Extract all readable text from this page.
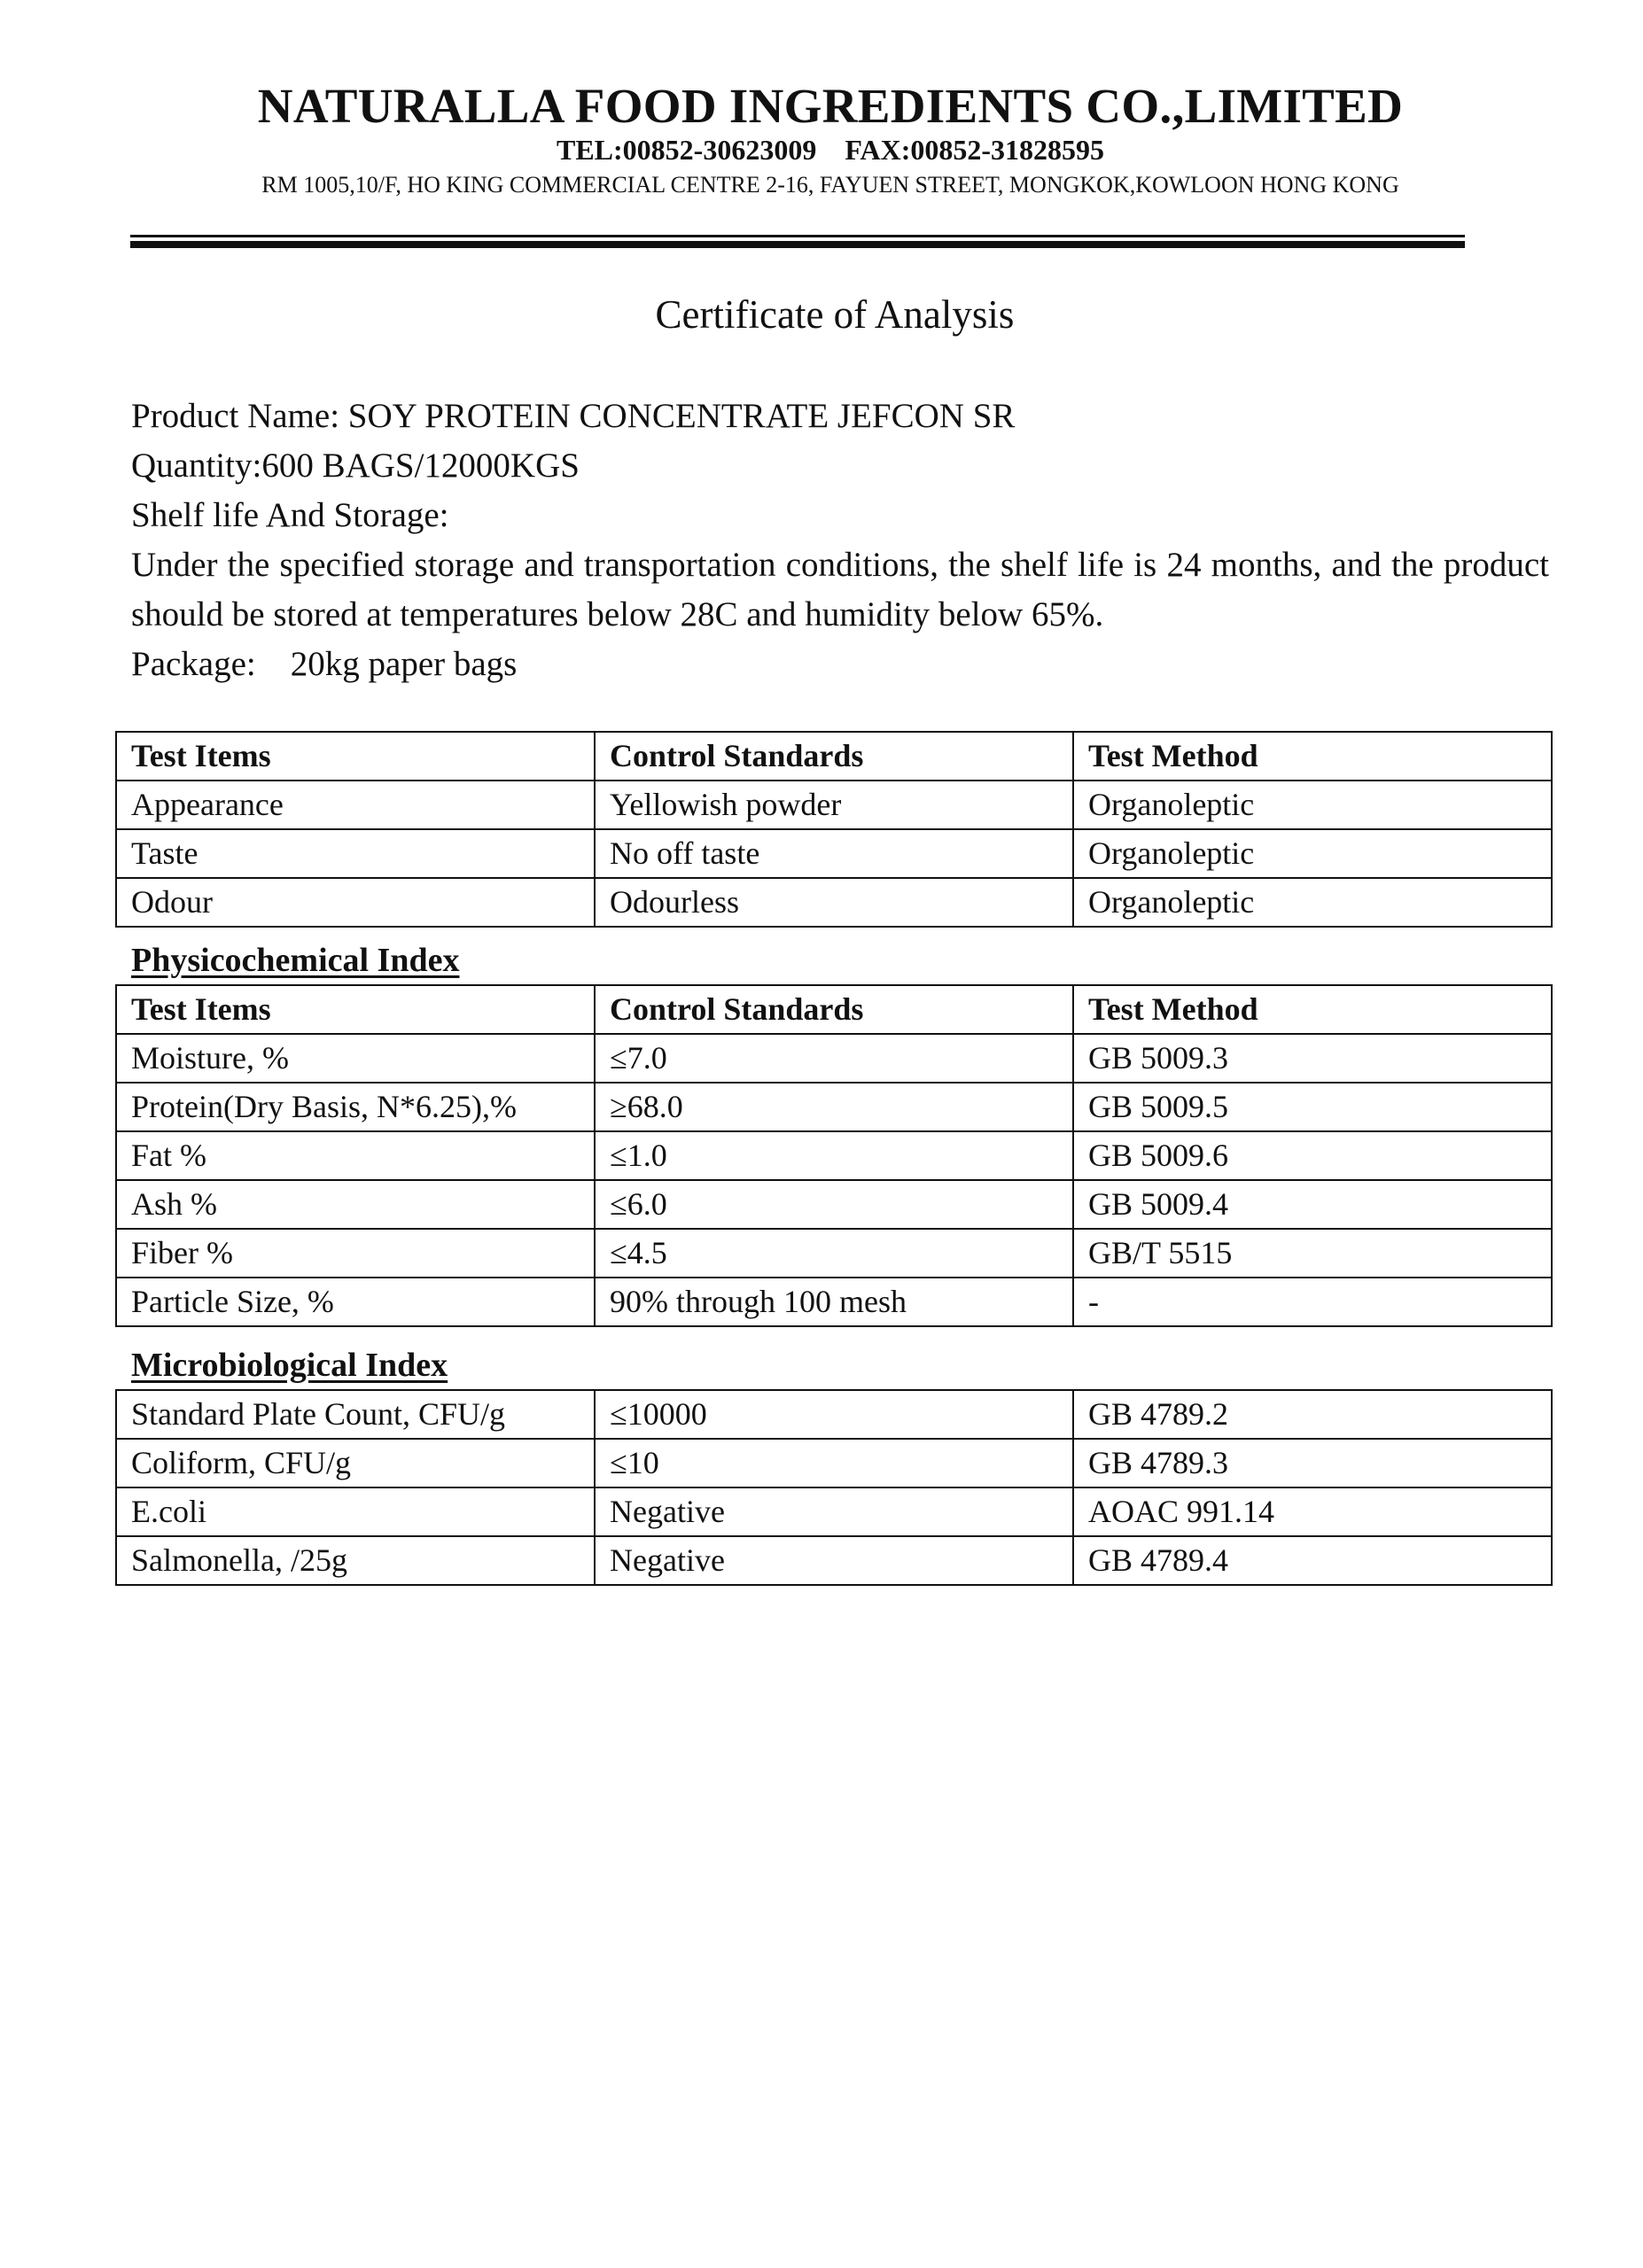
NATURALLA FOOD INGREDIENTS CO.,LIMITED
TEL:00852-30623009    FAX:00852-31828595
RM 1005,10/F, HO KING COMMERCIAL CENTRE 2-16, FAYUEN STREET, MONGKOK,KOWLOON HONG KONG
Certificate of Analysis
Product Name: SOY PROTEIN CONCENTRATE JEFCON SR
Quantity:600 BAGS/12000KGS
Shelf life And Storage:
Under the specified storage and transportation conditions, the shelf life is 24 months, and the product should be stored at temperatures below 28C and humidity below 65%.
Package:    20kg paper bags
Test Items	Control Standards	Test Method
Appearance	Yellowish powder	Organoleptic
Taste	No off taste	Organoleptic
Odour	Odourless	Organoleptic
Physicochemical Index
Test Items	Control Standards	Test Method
Moisture, %	≤7.0	GB 5009.3
Protein(Dry Basis, N*6.25),%	≥68.0	GB 5009.5
Fat %	≤1.0	GB 5009.6
Ash %	≤6.0	GB 5009.4
Fiber %	≤4.5	GB/T 5515
Particle Size, %	90% through 100 mesh	-
Microbiological Index
Standard Plate Count, CFU/g	≤10000	GB 4789.2
Coliform, CFU/g	≤10	GB 4789.3
E.coli	Negative	AOAC 991.14
Salmonella, /25g	Negative	GB 4789.4
